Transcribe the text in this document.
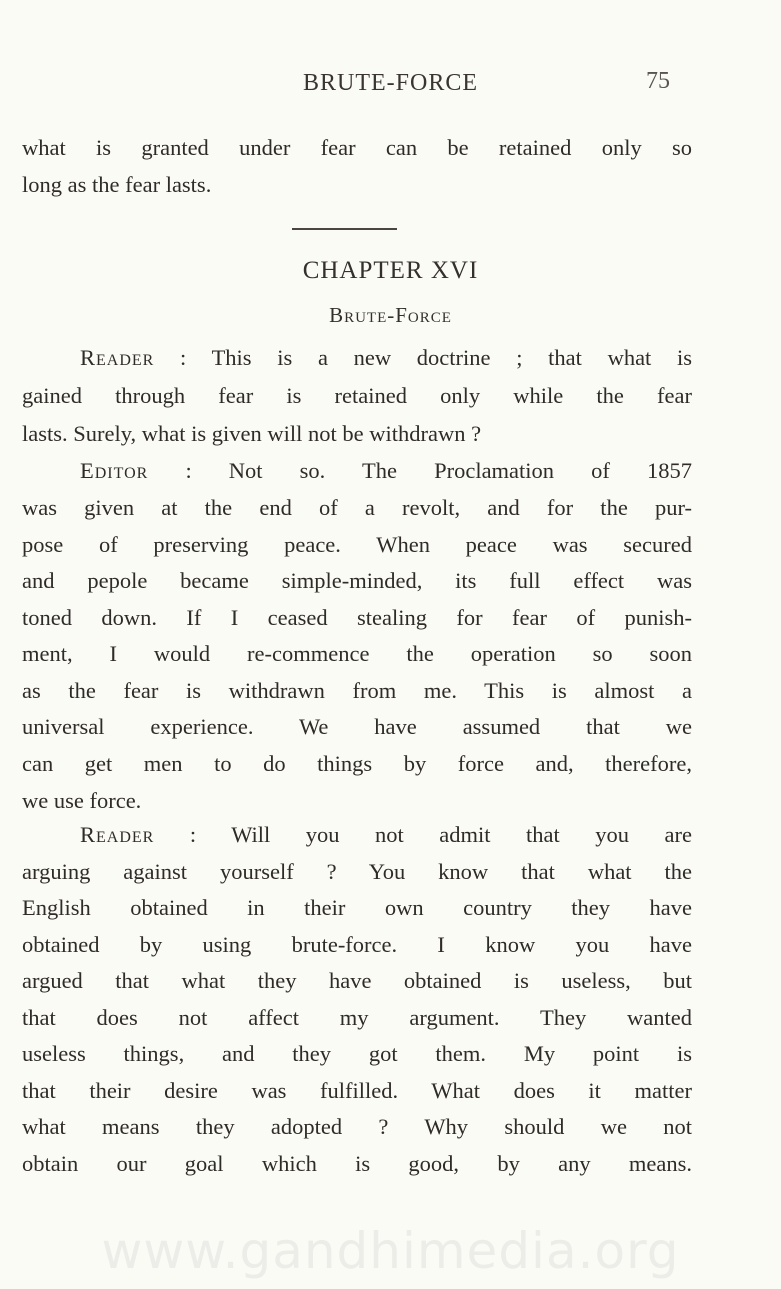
BRUTE-FORCE	75
what is granted under fear can be retained only so
long as the fear lasts.
CHAPTER XVI
Brute-Force
Reader : This is a new doctrine ; that what is
gained through fear is retained only while the fear
lasts. Surely, what is given will not be withdrawn ?
Editor : Not so. The Proclamation of 1857
was given at the end of a revolt, and for the pur-
pose of preserving peace. When peace was secured
and pepole became simple-minded, its full effect was
toned down. If I ceased stealing for fear of punish-
ment, I would re-commence the operation so soon
as the fear is withdrawn from me. This is almost a
universal experience. We have assumed that we
can get men to do things by force and, therefore,
we use force.
Reader : Will you not admit that you are
arguing against yourself ? You know that what the
English obtained in their own country they have
obtained by using brute-force. I know you have
argued that what they have obtained is useless, but
that does not affect my argument. They wanted
useless things, and they got them. My point is
that their desire was fulfilled. What does it matter
what means they adopted ? Why should we not
obtain our goal which is good, by any means.
www.gandhimedia.org
